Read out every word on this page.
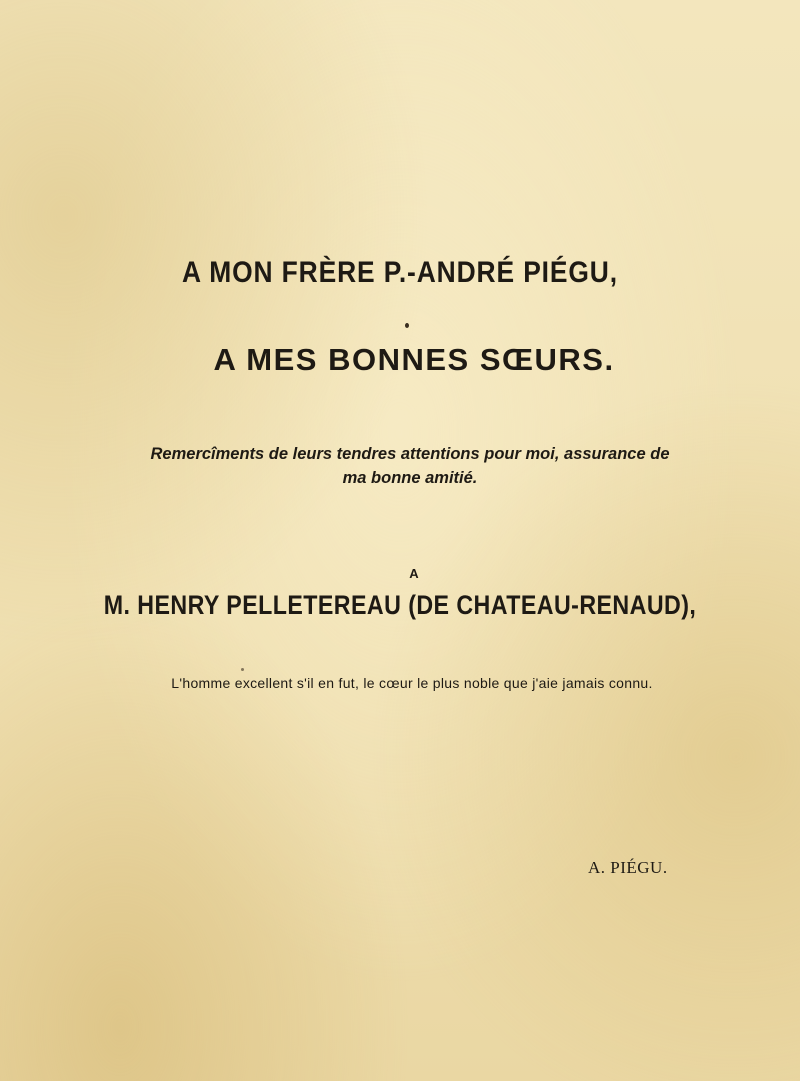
A MON FRÈRE P.-ANDRÉ PIÉGU,
A MES BONNES SŒURS.
Remercîments de leurs tendres attentions pour moi, assurance de
ma bonne amitié.
A
M. HENRY PELLETEREAU (DE CHATEAU-RENAUD),
L'homme excellent s'il en fut, le cœur le plus noble que j'aie jamais connu.
A. PIÉGU.
